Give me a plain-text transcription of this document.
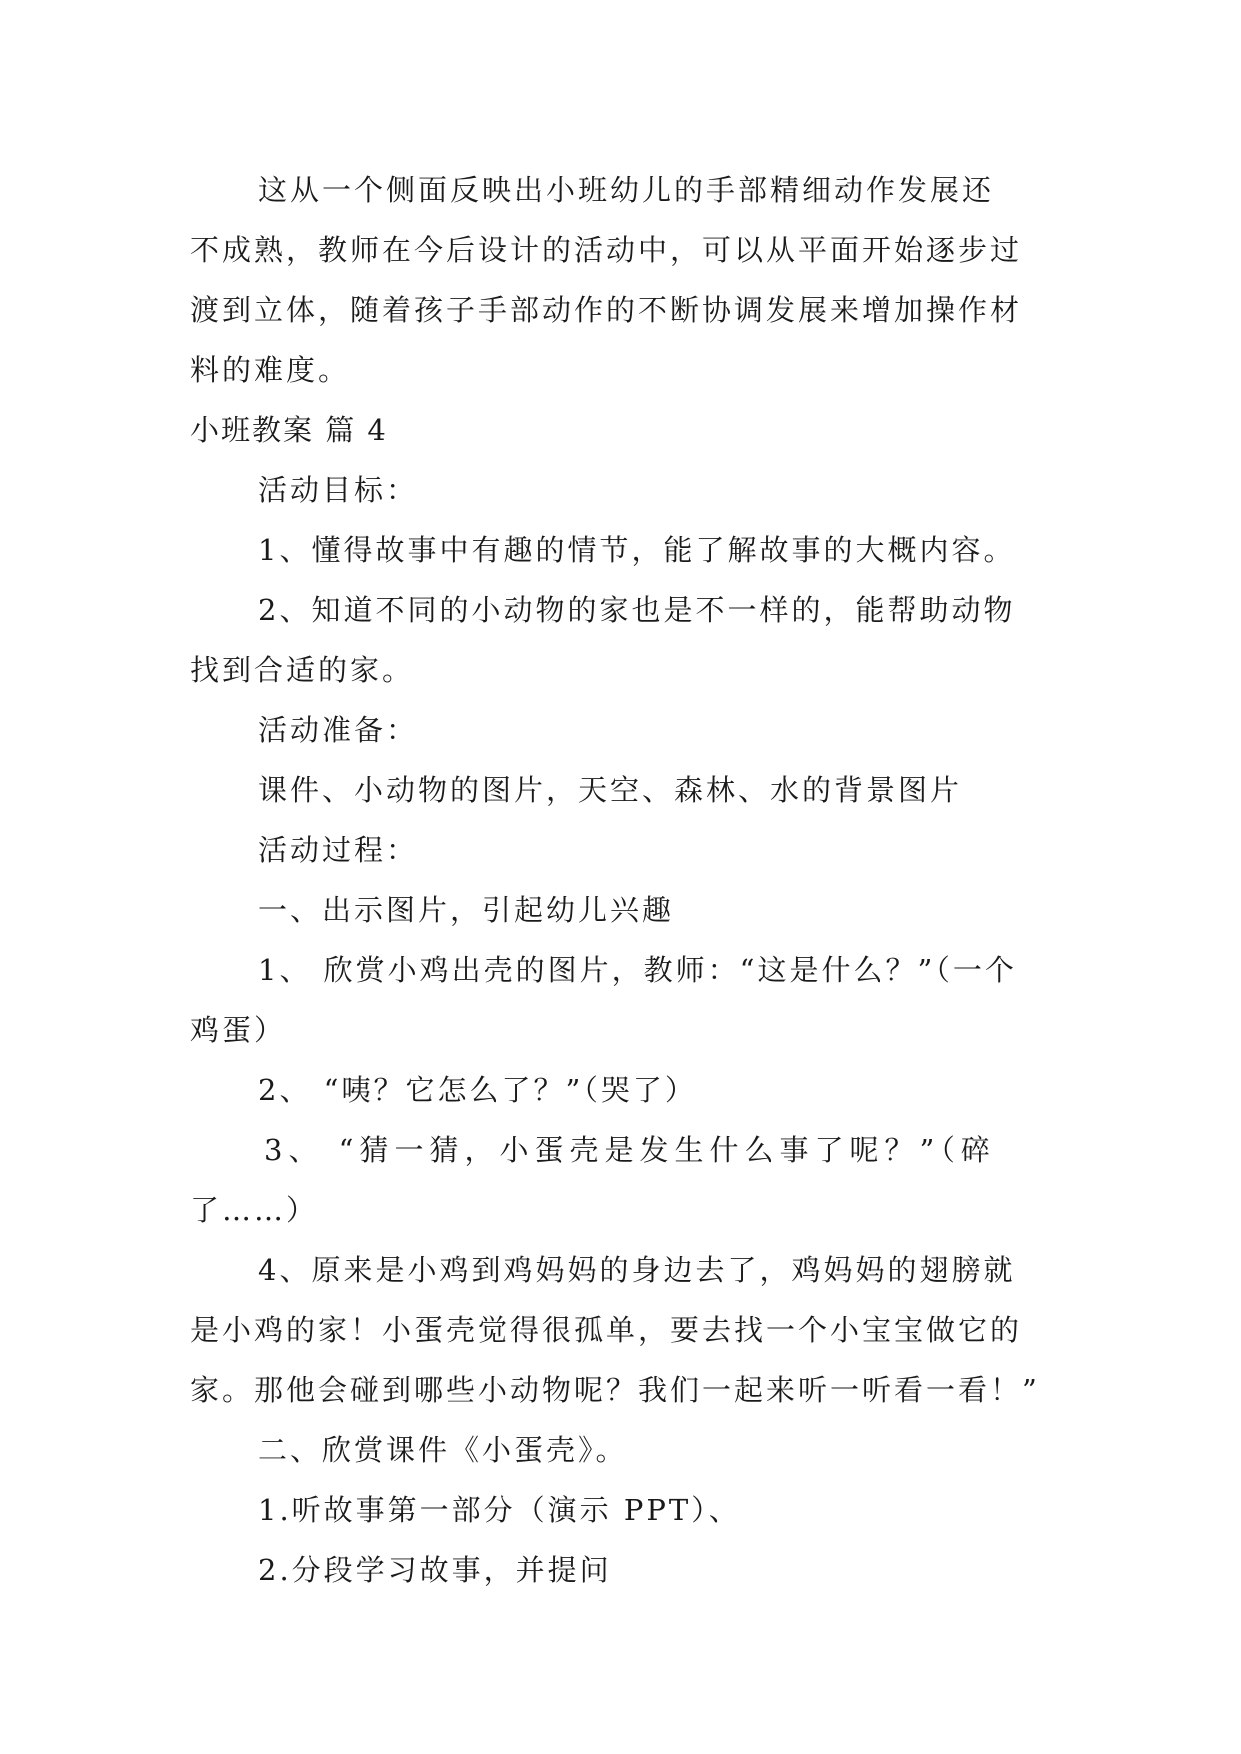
这从一个侧面反映出小班幼儿的手部精细动作发展还
不成熟，教师在今后设计的活动中，可以从平面开始逐步过
渡到立体，随着孩子手部动作的不断协调发展来增加操作材
料的难度。
小班教案 篇 4
活动目标：
1、懂得故事中有趣的情节，能了解故事的大概内容。
2、知道不同的小动物的家也是不一样的，能帮助动物
找到合适的家。
活动准备：
课件、小动物的图片，天空、森林、水的背景图片
活动过程：
一、出示图片，引起幼儿兴趣
1、 欣赏小鸡出壳的图片，教师：“这是什么？”（一个
鸡蛋）
2、 “咦？它怎么了？”（哭了）
3、 “猜一猜，小蛋壳是发生什么事了呢？”（碎
了……）
4、原来是小鸡到鸡妈妈的身边去了，鸡妈妈的翅膀就
是小鸡的家！小蛋壳觉得很孤单，要去找一个小宝宝做它的
家。那他会碰到哪些小动物呢？我们一起来听一听看一看！”
二、欣赏课件《小蛋壳》。
1.听故事第一部分（演示 PPT）、
2.分段学习故事，并提问
